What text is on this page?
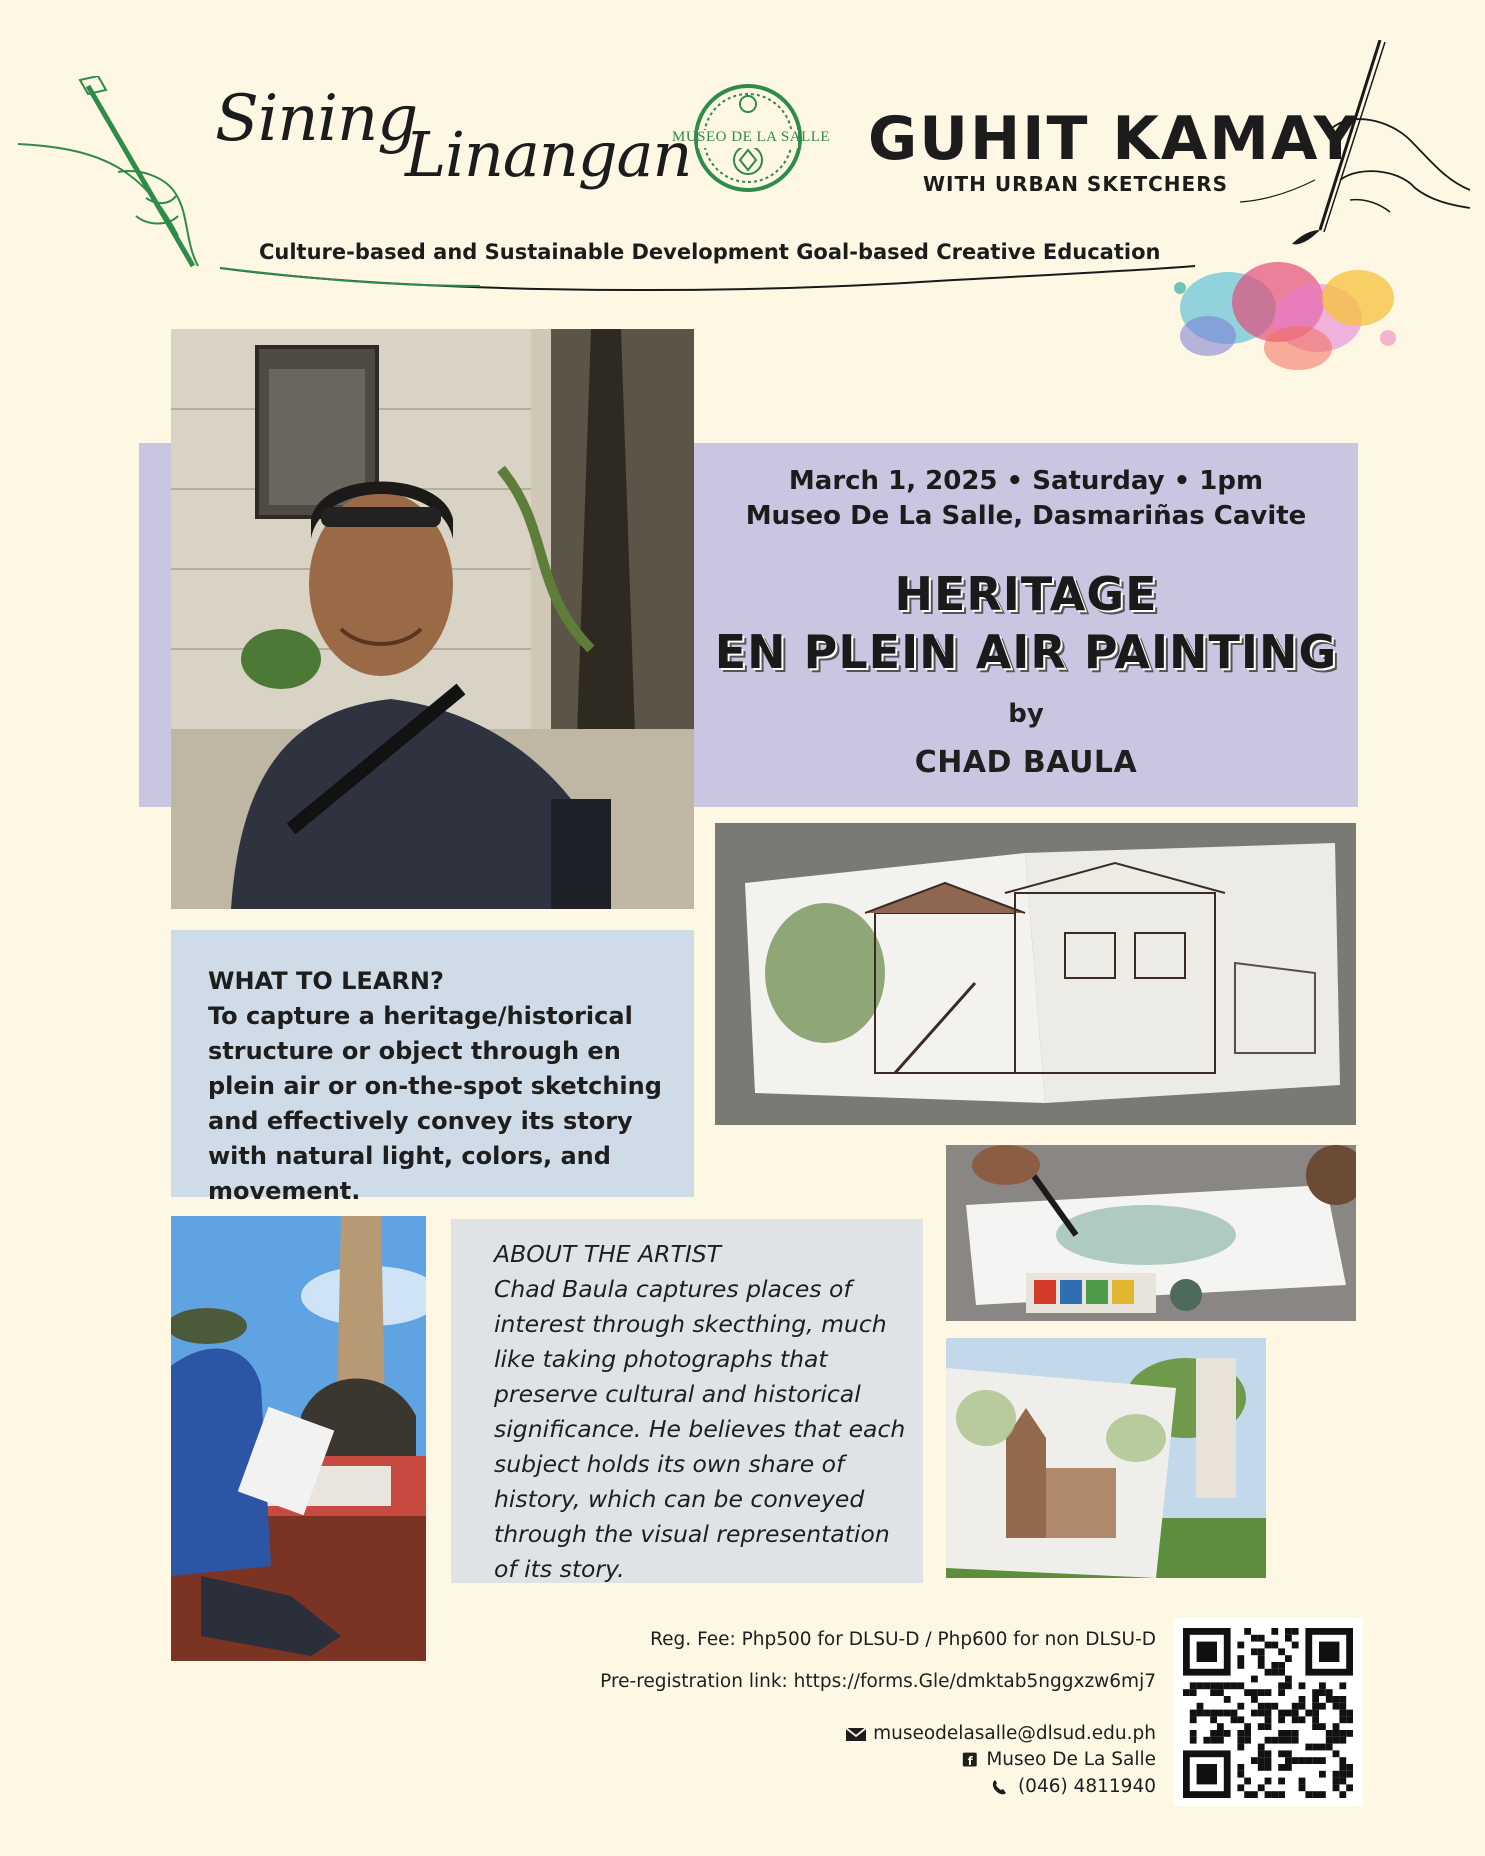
Sining
Linangan
MUSEO DE LA SALLE GUHIT KAMAY
WITH URBAN SKETCHERS
Culture-based and Sustainable Development Goal-based Creative Education
March 1, 2025 • Saturday • 1pm
Museo De La Salle, Dasmariñas Cavite
HERITAGE
EN PLEIN AIR PAINTING
by
CHAD BAULA
WHAT TO LEARN?
To capture a heritage/historical structure or object through en plein air or on-the-spot sketching and effectively convey its story with natural light, colors, and movement.
ABOUT THE ARTIST
Chad Baula captures places of interest through skecthing, much like taking photographs that preserve cultural and historical significance. He believes that each subject holds its own share of history, which can be conveyed through the visual representation of its story.
Reg. Fee: Php500 for DLSU-D / Php600 for non DLSU-D
Pre-registration link: https://forms.Gle/dmktab5nggxzw6mj7
museodelasalle@dlsud.edu.ph
f Museo De La Salle
(046) 4811940
